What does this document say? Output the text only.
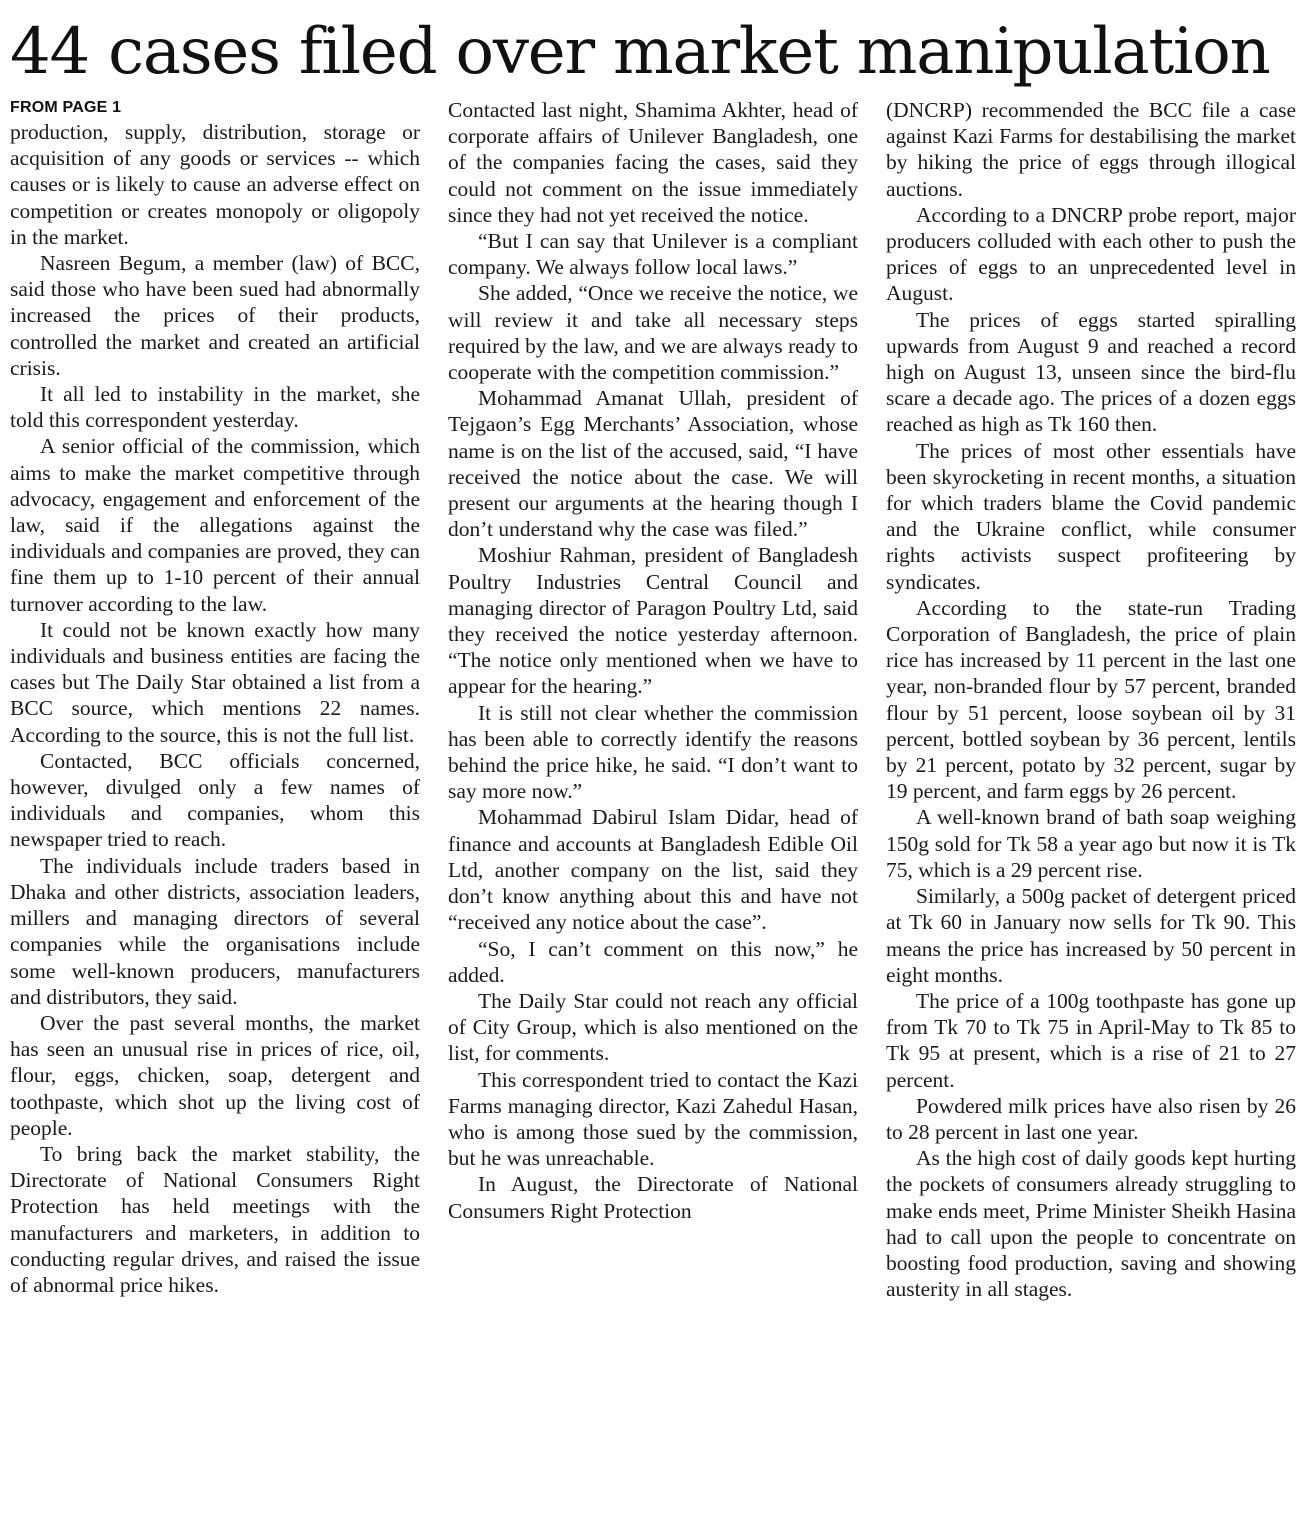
44 cases filed over market manipulation
FROM PAGE 1

production, supply, distribution, storage or acquisition of any goods or services -- which causes or is likely to cause an adverse effect on competition or creates monopoly or oligopoly in the market.

Nasreen Begum, a member (law) of BCC, said those who have been sued had abnormally increased the prices of their products, controlled the market and created an artificial crisis.

It all led to instability in the market, she told this correspondent yesterday.

A senior official of the commission, which aims to make the market competitive through advocacy, engagement and enforcement of the law, said if the allegations against the individuals and companies are proved, they can fine them up to 1-10 percent of their annual turnover according to the law.

It could not be known exactly how many individuals and business entities are facing the cases but The Daily Star obtained a list from a BCC source, which mentions 22 names. According to the source, this is not the full list.

Contacted, BCC officials concerned, however, divulged only a few names of individuals and companies, whom this newspaper tried to reach.

The individuals include traders based in Dhaka and other districts, association leaders, millers and managing directors of several companies while the organisations include some well-known producers, manufacturers and distributors, they said.

Over the past several months, the market has seen an unusual rise in prices of rice, oil, flour, eggs, chicken, soap, detergent and toothpaste, which shot up the living cost of people.

To bring back the market stability, the Directorate of National Consumers Right Protection has held meetings with the manufacturers and marketers, in addition to conducting regular drives, and raised the issue of abnormal price hikes.

Contacted last night, Shamima Akhter, head of corporate affairs of Unilever Bangladesh, one of the companies facing the cases, said they could not comment on the issue immediately since they had not yet received the notice.

“But I can say that Unilever is a compliant company. We always follow local laws.”

She added, “Once we receive the notice, we will review it and take all necessary steps required by the law, and we are always ready to cooperate with the competition commission.”

Mohammad Amanat Ullah, president of Tejgaon’s Egg Merchants’ Association, whose name is on the list of the accused, said, “I have received the notice about the case. We will present our arguments at the hearing though I don’t understand why the case was filed.”

Moshiur Rahman, president of Bangladesh Poultry Industries Central Council and managing director of Paragon Poultry Ltd, said they received the notice yesterday afternoon. “The notice only mentioned when we have to appear for the hearing.”

It is still not clear whether the commission has been able to correctly identify the reasons behind the price hike, he said. “I don’t want to say more now.”

Mohammad Dabirul Islam Didar, head of finance and accounts at Bangladesh Edible Oil Ltd, another company on the list, said they don’t know anything about this and have not “received any notice about the case”.

“So, I can’t comment on this now,” he added.

The Daily Star could not reach any official of City Group, which is also mentioned on the list, for comments.

This correspondent tried to contact the Kazi Farms managing director, Kazi Zahedul Hasan, who is among those sued by the commission, but he was unreachable.

In August, the Directorate of National Consumers Right Protection

(DNCRP) recommended the BCC file a case against Kazi Farms for destabilising the market by hiking the price of eggs through illogical auctions.

According to a DNCRP probe report, major producers colluded with each other to push the prices of eggs to an unprecedented level in August.

The prices of eggs started spiralling upwards from August 9 and reached a record high on August 13, unseen since the bird-flu scare a decade ago. The prices of a dozen eggs reached as high as Tk 160 then.

The prices of most other essentials have been skyrocketing in recent months, a situation for which traders blame the Covid pandemic and the Ukraine conflict, while consumer rights activists suspect profiteering by syndicates.

According to the state-run Trading Corporation of Bangladesh, the price of plain rice has increased by 11 percent in the last one year, non-branded flour by 57 percent, branded flour by 51 percent, loose soybean oil by 31 percent, bottled soybean by 36 percent, lentils by 21 percent, potato by 32 percent, sugar by 19 percent, and farm eggs by 26 percent.

A well-known brand of bath soap weighing 150g sold for Tk 58 a year ago but now it is Tk 75, which is a 29 percent rise.

Similarly, a 500g packet of detergent priced at Tk 60 in January now sells for Tk 90. This means the price has increased by 50 percent in eight months.

The price of a 100g toothpaste has gone up from Tk 70 to Tk 75 in April-May to Tk 85 to Tk 95 at present, which is a rise of 21 to 27 percent.

Powdered milk prices have also risen by 26 to 28 percent in last one year.

As the high cost of daily goods kept hurting the pockets of consumers already struggling to make ends meet, Prime Minister Sheikh Hasina had to call upon the people to concentrate on boosting food production, saving and showing austerity in all stages.
